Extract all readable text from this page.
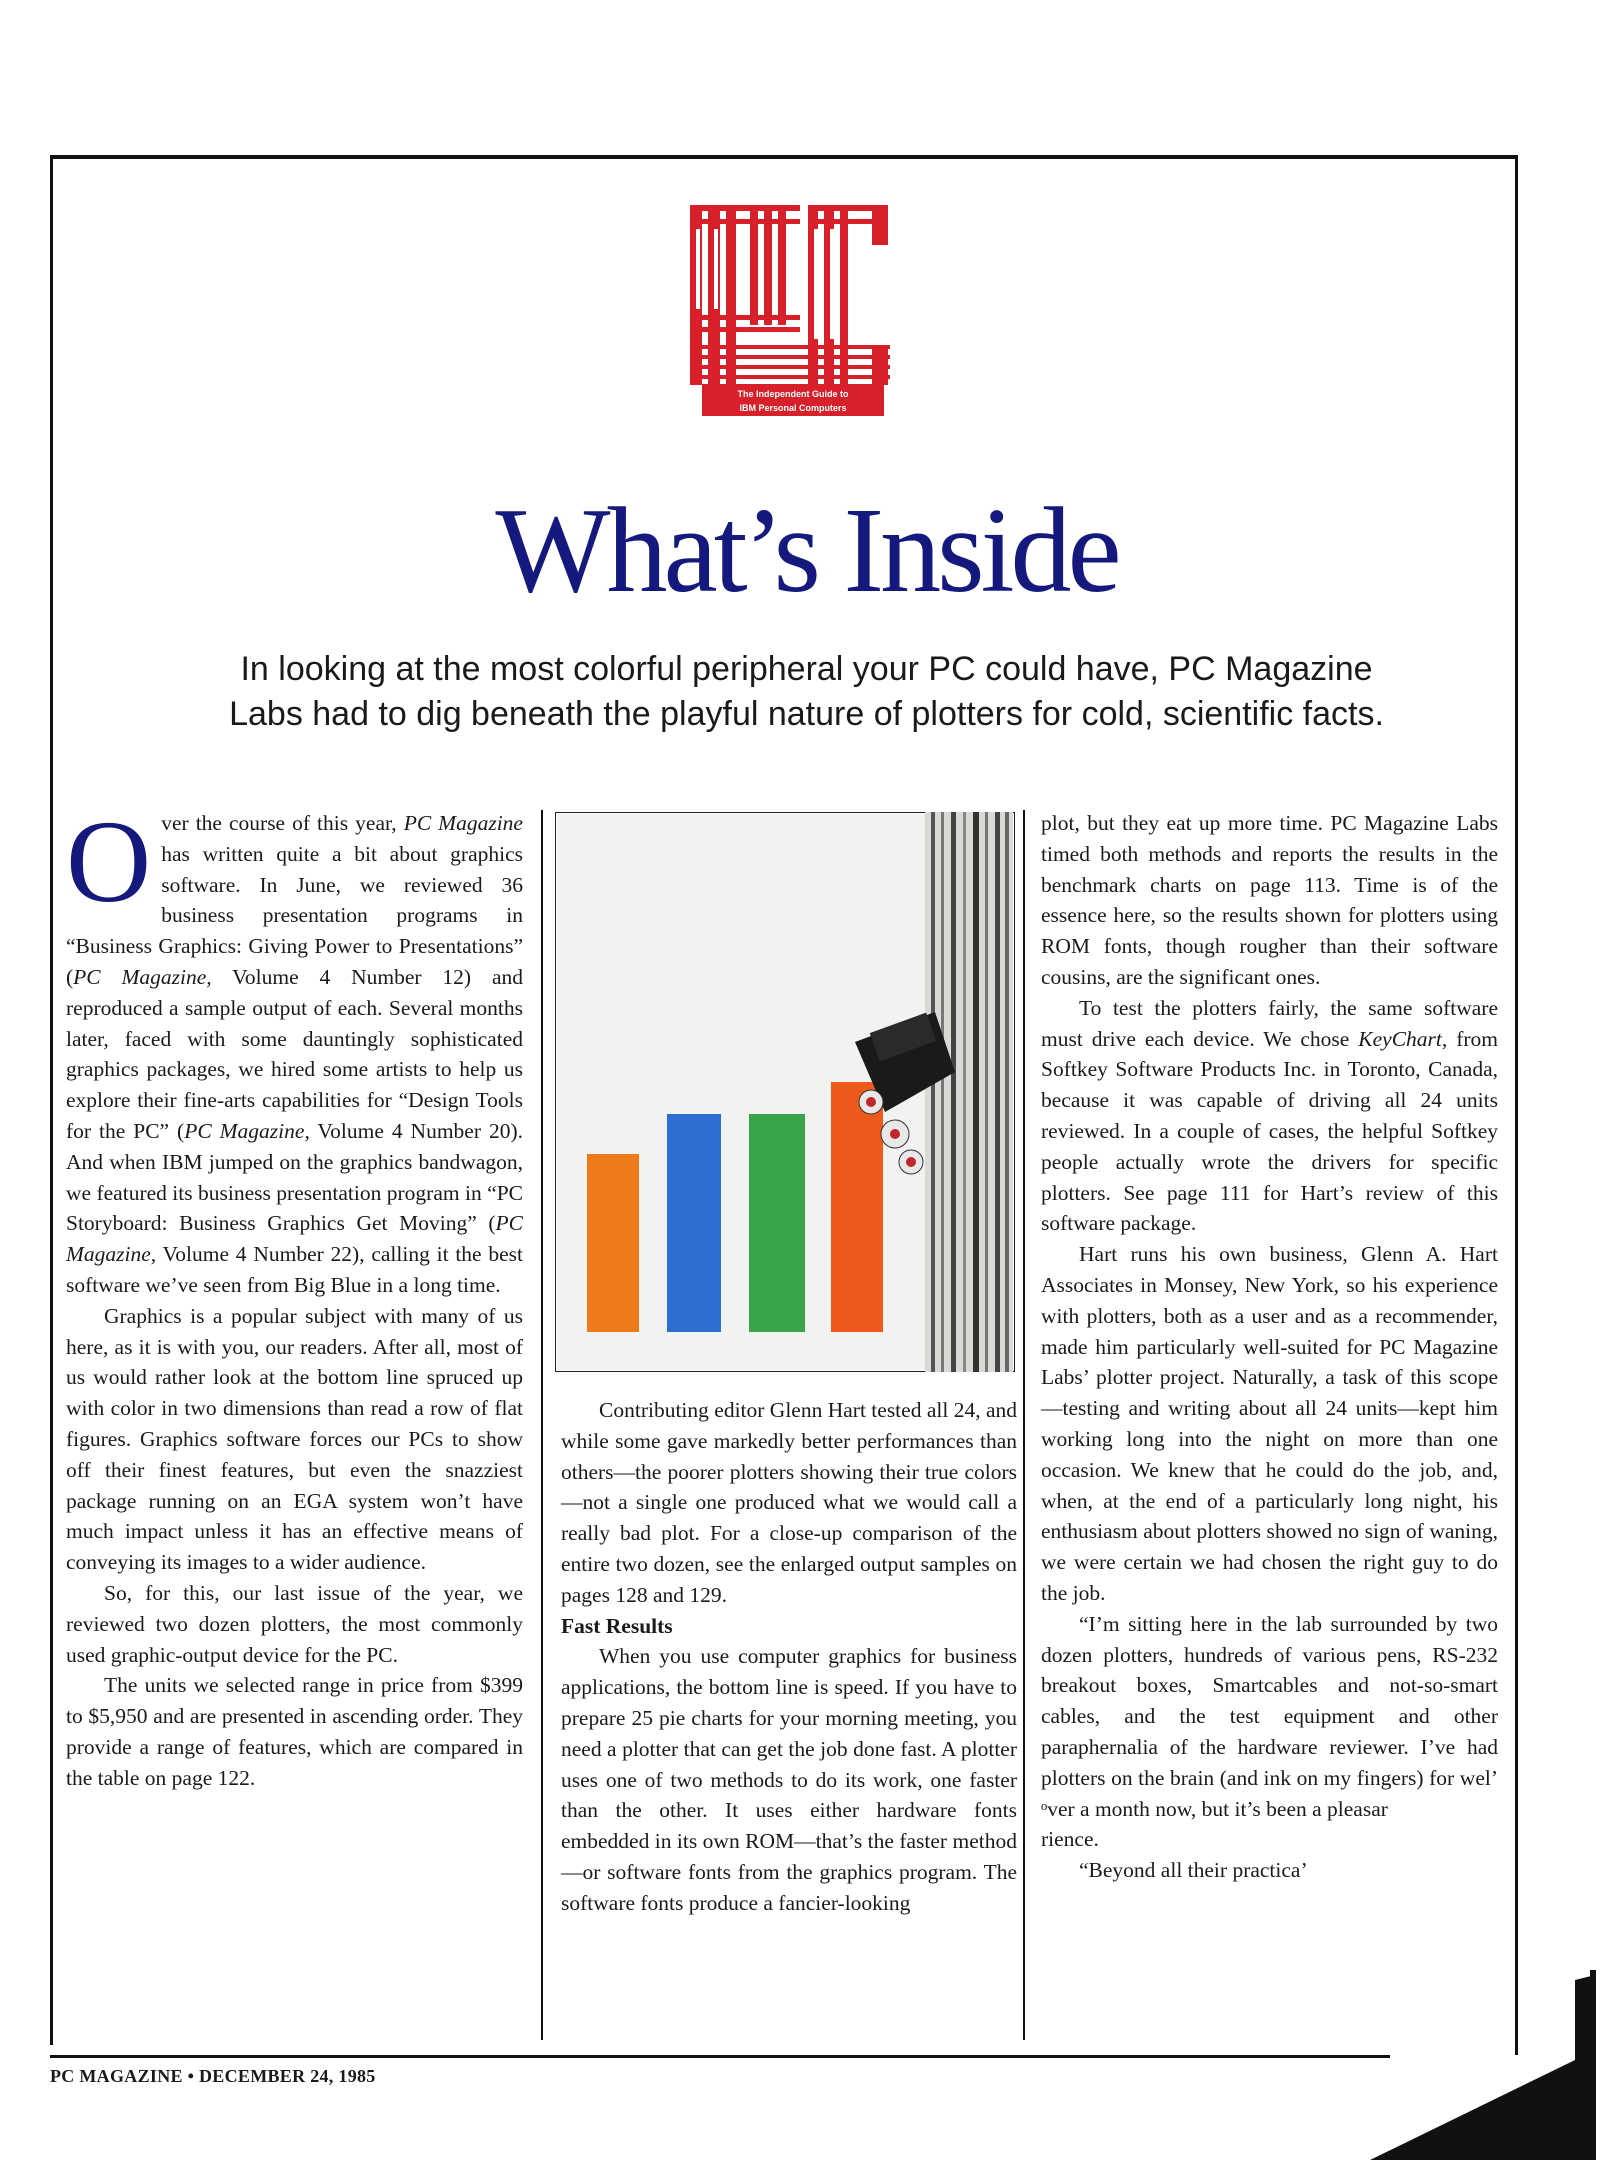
The Independent Guide to
IBM Personal Computers
What’s Inside
In looking at the most colorful peripheral your PC could have, PC Magazine Labs had to dig beneath the playful nature of plotters for cold, scientific facts.

Over the course of this year, PC Magazine has written quite a bit about graphics software. In June, we reviewed 36 business presentation programs in “Business Graphics: Giving Power to Presentations” (PC Magazine, Volume 4 Number 12) and reproduced a sample output of each. Several months later, faced with some dauntingly sophisticated graphics packages, we hired some artists to help us explore their fine-arts capabilities for “Design Tools for the PC” (PC Magazine, Volume 4 Number 20). And when IBM jumped on the graphics bandwagon, we featured its business presentation program in “PC Storyboard: Business Graphics Get Moving” (PC Magazine, Volume 4 Number 22), calling it the best software we’ve seen from Big Blue in a long time.

Graphics is a popular subject with many of us here, as it is with you, our readers. After all, most of us would rather look at the bottom line spruced up with color in two dimensions than read a row of flat figures. Graphics software forces our PCs to show off their finest features, but even the snazziest package running on an EGA system won’t have much impact unless it has an effective means of conveying its images to a wider audience.

So, for this, our last issue of the year, we reviewed two dozen plotters, the most commonly used graphic-output device for the PC.

The units we selected range in price from $399 to $5,950 and are presented in ascending order. They provide a range of features, which are compared in the table on page 122.

Contributing editor Glenn Hart tested all 24, and while some gave markedly better performances than others—the poorer plotters showing their true colors—not a single one produced what we would call a really bad plot. For a close-up comparison of the entire two dozen, see the enlarged output samples on pages 128 and 129.

Fast Results

When you use computer graphics for business applications, the bottom line is speed. If you have to prepare 25 pie charts for your morning meeting, you need a plotter that can get the job done fast. A plotter uses one of two methods to do its work, one faster than the other. It uses either hardware fonts embedded in its own ROM—that’s the faster method—or software fonts from the graphics program. The software fonts produce a fancier-looking

plot, but they eat up more time. PC Magazine Labs timed both methods and reports the results in the benchmark charts on page 113. Time is of the essence here, so the results shown for plotters using ROM fonts, though rougher than their software cousins, are the significant ones.

To test the plotters fairly, the same software must drive each device. We chose KeyChart, from Softkey Software Products Inc. in Toronto, Canada, because it was capable of driving all 24 units reviewed. In a couple of cases, the helpful Softkey people actually wrote the drivers for specific plotters. See page 111 for Hart’s review of this software package.

Hart runs his own business, Glenn A. Hart Associates in Monsey, New York, so his experience with plotters, both as a user and as a recommender, made him particularly well-suited for PC Magazine Labs’ plotter project. Naturally, a task of this scope—testing and writing about all 24 units—kept him working long into the night on more than one occasion. We knew that he could do the job, and, when, at the end of a particularly long night, his enthusiasm about plotters showed no sign of waning, we were certain we had chosen the right guy to do the job.

“I’m sitting here in the lab surrounded by two dozen plotters, hundreds of various pens, RS-232 breakout boxes, Smartcables and not-so-smart cables, and the test equipment and other paraphernalia of the hardware reviewer. I’ve had plotters on the brain (and ink on my fingers) for welʼ ᵒver a month now, but it’s been a pleasar
rience.

“Beyond all their practicaʼ

PC MAGAZINE • DECEMBER 24, 1985
